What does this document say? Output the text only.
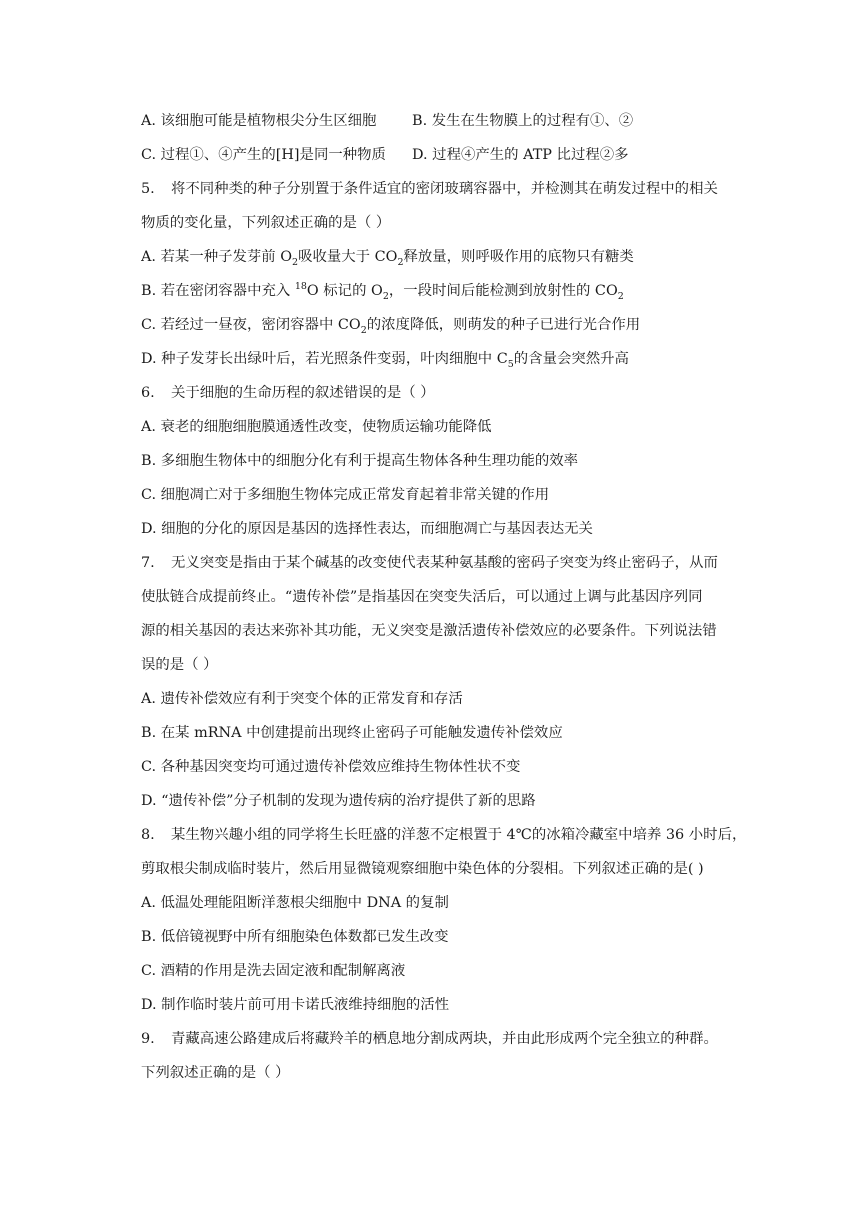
A. 该细胞可能是植物根尖分生区细胞 B. 发生在生物膜上的过程有①、②
C. 过程①、④产生的[H]是同一种物质 D. 过程④产生的 ATP 比过程②多
5. 将不同种类的种子分别置于条件适宜的密闭玻璃容器中，并检测其在萌发过程中的相关
物质的变化量，下列叙述正确的是（ ）
A. 若某一种子发芽前 $O_2$吸收量大于 $CO_2$释放量，则呼吸作用的底物只有糖类
B. 若在密闭容器中充入 $^{18}$O 标记的 $O_2$，一段时间后能检测到放射性的 $CO_2$
C. 若经过一昼夜，密闭容器中 $CO_2$的浓度降低，则萌发的种子已进行光合作用
D. 种子发芽长出绿叶后，若光照条件变弱，叶肉细胞中 $C_5$的含量会突然升高
6. 关于细胞的生命历程的叙述错误的是（ ）
A. 衰老的细胞细胞膜通透性改变，使物质运输功能降低
B. 多细胞生物体中的细胞分化有利于提高生物体各种生理功能的效率
C. 细胞凋亡对于多细胞生物体完成正常发育起着非常关键的作用
D. 细胞的分化的原因是基因的选择性表达，而细胞凋亡与基因表达无关
7. 无义突变是指由于某个碱基的改变使代表某种氨基酸的密码子突变为终止密码子，从而
使肽链合成提前终止。“遗传补偿”是指基因在突变失活后，可以通过上调与此基因序列同
源的相关基因的表达来弥补其功能，无义突变是激活遗传补偿效应的必要条件。下列说法错
误的是（ ）
A. 遗传补偿效应有利于突变个体的正常发育和存活
B. 在某 mRNA 中创建提前出现终止密码子可能触发遗传补偿效应
C. 各种基因突变均可通过遗传补偿效应维持生物体性状不变
D. “遗传补偿”分子机制的发现为遗传病的治疗提供了新的思路
8. 某生物兴趣小组的同学将生长旺盛的洋葱不定根置于 4℃的冰箱冷藏室中培养 36 小时后，
剪取根尖制成临时装片，然后用显微镜观察细胞中染色体的分裂相。下列叙述正确的是( )
A. 低温处理能阻断洋葱根尖细胞中 DNA 的复制
B. 低倍镜视野中所有细胞染色体数都已发生改变
C. 酒精的作用是洗去固定液和配制解离液
D. 制作临时装片前可用卡诺氏液维持细胞的活性
9. 青藏高速公路建成后将藏羚羊的栖息地分割成两块，并由此形成两个完全独立的种群。
下列叙述正确的是（ ）
